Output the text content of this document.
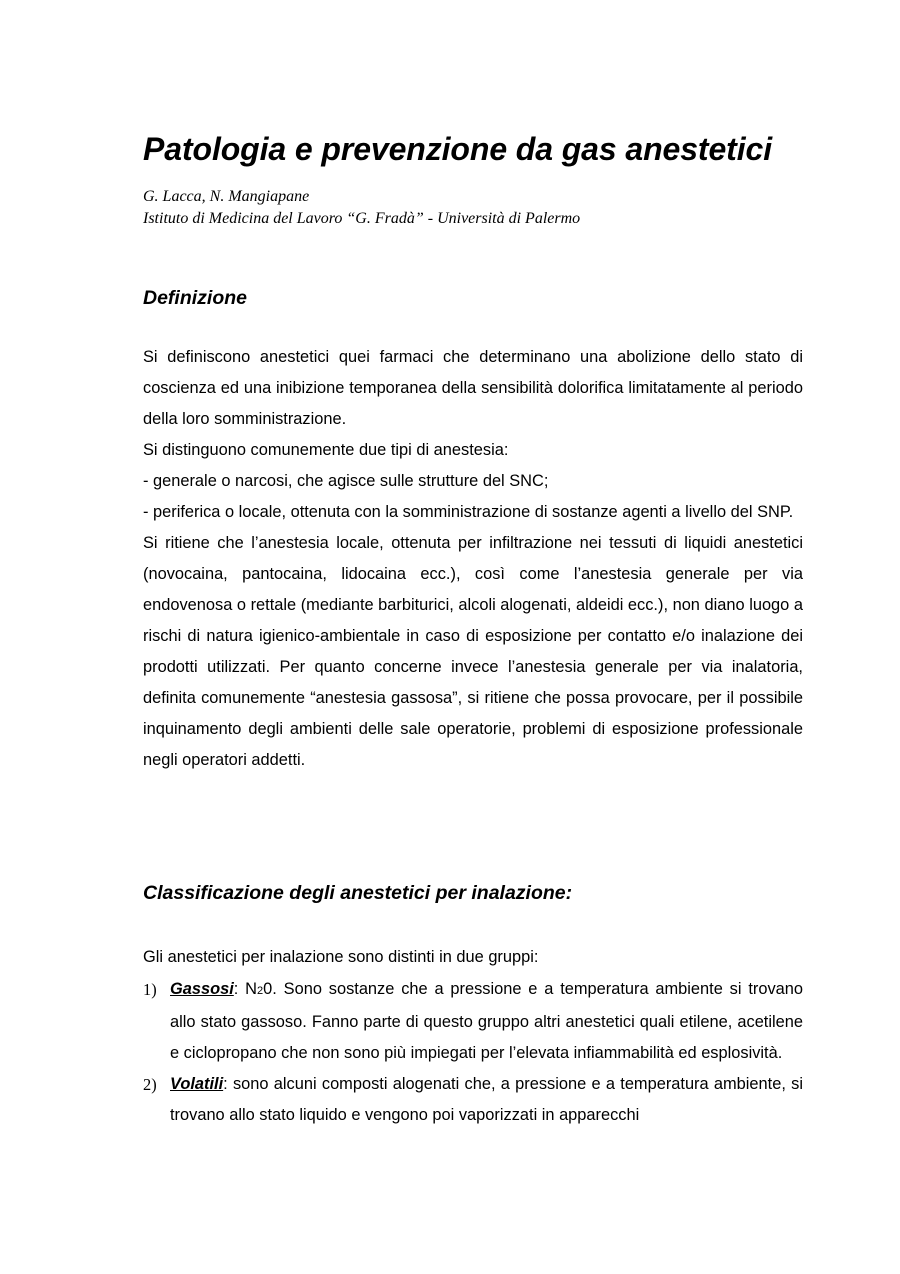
Patologia e prevenzione da gas anestetici
G. Lacca, N. Mangiapane
Istituto di Medicina del Lavoro “G. Fradà” - Università di Palermo
Definizione

Si definiscono anestetici quei farmaci che determinano una abolizione dello stato di coscienza ed una inibizione temporanea della sensibilità dolorifica limitatamente al periodo della loro somministrazione.

Si distinguono comunemente due tipi di anestesia:

- generale o narcosi, che agisce sulle strutture del SNC;

- periferica o locale, ottenuta con la somministrazione di sostanze agenti a livello del SNP.

Si ritiene che l’anestesia locale, ottenuta per infiltrazione nei tessuti di liquidi anestetici (novocaina, pantocaina, lidocaina ecc.), così come l’anestesia generale per via endovenosa o rettale (mediante barbiturici, alcoli alogenati, aldeidi ecc.), non diano luogo a rischi di natura igienico-ambientale in caso di esposizione per contatto e/o inalazione dei prodotti utilizzati. Per quanto concerne invece l’anestesia generale per via inalatoria, definita comunemente “anestesia gassosa”, si ritiene che possa provocare, per il possibile inquinamento degli ambienti delle sale operatorie, problemi di esposizione professionale negli operatori addetti.

Classificazione degli anestetici per inalazione:

Gli anestetici per inalazione sono distinti in due gruppi:

1) Gassosi: N20. Sono sostanze che a pressione e a temperatura ambiente si trovano allo stato gassoso. Fanno parte di questo gruppo altri anestetici quali etilene, acetilene e ciclopropano che non sono più impiegati per l’elevata infiammabilità ed esplosività.
2) Volatili: sono alcuni composti alogenati che, a pressione e a temperatura ambiente, si trovano allo stato liquido e vengono poi vaporizzati in apparecchi
